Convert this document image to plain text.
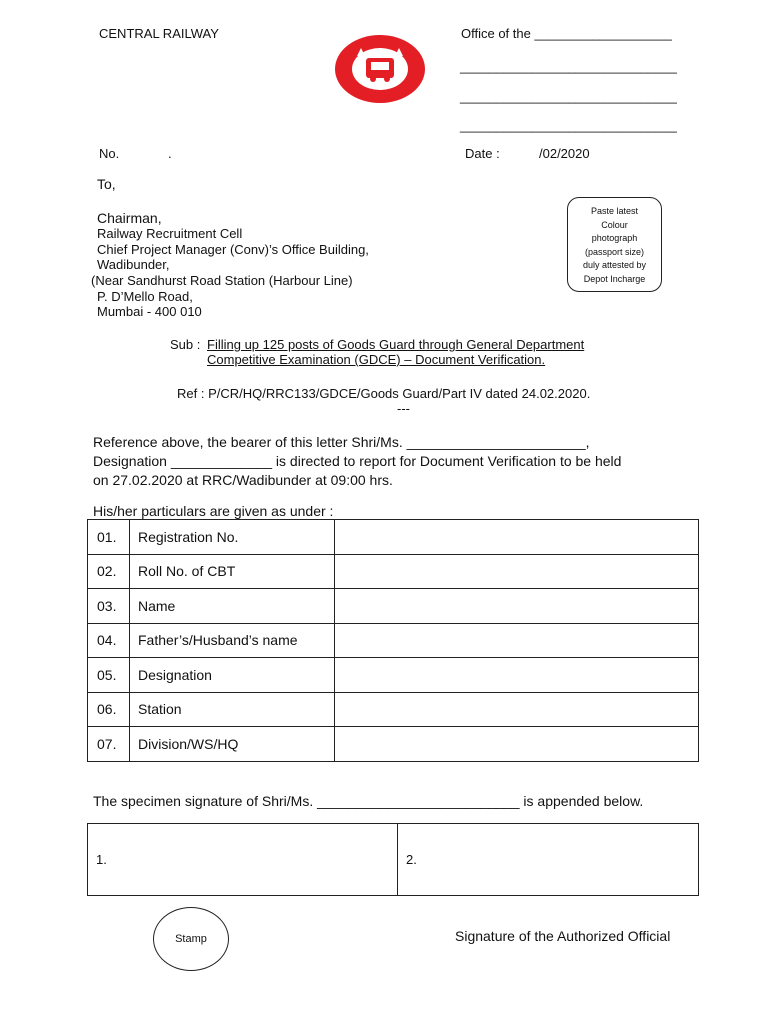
CENTRAL RAILWAY	Office of the ___________________
______________________________
______________________________
______________________________
No.	.	Date :	/02/2020
To,
Chairman,
Railway Recruitment Cell
Chief Project Manager (Conv)’s Office Building,
Wadibunder,
(Near Sandhurst Road Station (Harbour Line)
P. D’Mello Road,
Mumbai - 400 010
Paste latest
Colour
photograph
(passport size)
duly attested by
Depot Incharge
Sub : Filling up 125 posts of Goods Guard through General Department
Competitive Examination (GDCE) – Document Verification.
Ref : P/CR/HQ/RRC133/GDCE/Goods Guard/Part IV dated 24.02.2020.
---
Reference above, the bearer of this letter Shri/Ms. _______________________,
Designation _____________ is directed to report for Document Verification to be held
on 27.02.2020 at RRC/Wadibunder at 09:00 hrs.
His/her particulars are given as under :
01.	Registration No.	
02.	Roll No. of CBT	
03.	Name	
04.	Father’s/Husband’s name	
05.	Designation	
06.	Station	
07.	Division/WS/HQ	
The specimen signature of Shri/Ms. __________________________ is appended below.
1.	2.
Stamp	Signature of the Authorized Official
